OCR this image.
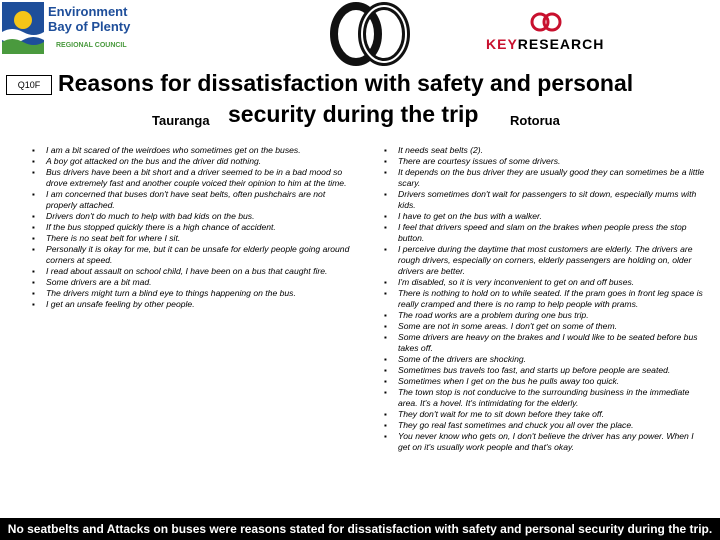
Environment
Bay of Plenty
REGIONAL COUNCIL	KEYRESEARCH
Q10F Reasons for dissatisfaction with safety and personal
security during the trip
Tauranga	Rotorua
▪ I am a bit scared of the weirdoes who sometimes get on the buses.
▪ A boy got attacked on the bus and the driver did nothing.
▪ Bus drivers have been a bit short and a driver seemed to be in a bad mood so drove extremely fast and another couple voiced their opinion to him at the time.
▪ I am concerned that buses don't have seat belts, often pushchairs are not properly attached.
▪ Drivers don't do much to help with bad kids on the bus.
▪ If the bus stopped quickly there is a high chance of accident.
▪ There is no seat belt for where I sit.
▪ Personally it is okay for me, but it can be unsafe for elderly people going around corners at speed.
▪ I read about assault on school child, I have been on a bus that caught fire.
▪ Some drivers are a bit mad.
▪ The drivers might turn a blind eye to things happening on the bus.
▪ I get an unsafe feeling by other people.
▪ It needs seat belts (2).
▪ There are courtesy issues of some drivers.
▪ It depends on the bus driver they are usually good they can sometimes be a little scary.
▪ Drivers sometimes don't wait for passengers to sit down, especially mums with kids.
▪ I have to get on the bus with a walker.
▪ I feel that drivers speed and slam on the brakes when people press the stop button.
▪ I perceive during the daytime that most customers are elderly. The drivers are rough drivers, especially on corners, elderly passengers are holding on, older drivers are better.
▪ I'm disabled, so it is very inconvenient to get on and off buses.
▪ There is nothing to hold on to while seated. If the pram goes in front leg space is really cramped and there is no ramp to help people with prams.
▪ The road works are a problem during one bus trip.
▪ Some are not in some areas. I don't get on some of them.
▪ Some drivers are heavy on the brakes and I would like to be seated before bus takes off.
▪ Some of the drivers are shocking.
▪ Sometimes bus travels too fast, and starts up before people are seated.
▪ Sometimes when I get on the bus he pulls away too quick.
▪ The town stop is not conducive to the surrounding business in the immediate area. It's a hovel. It's intimidating for the elderly.
▪ They don't wait for me to sit down before they take off.
▪ They go real fast sometimes and chuck you all over the place.
▪ You never know who gets on, I don't believe the driver has any power. When I get on it's usually work people and that's okay.
No seatbelts and Attacks on buses were reasons stated for dissatisfaction with safety and personal security during the trip.
